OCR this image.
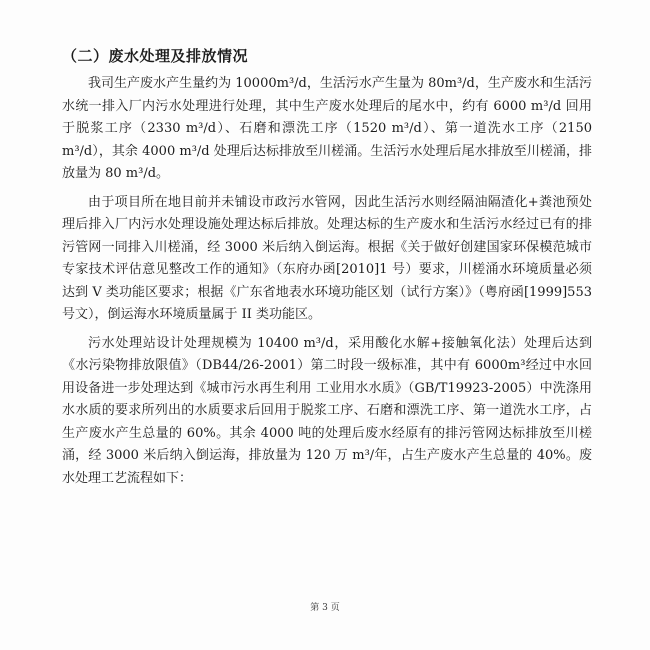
（二）废水处理及排放情况
我司生产废水产生量约为 10000m³/d，生活污水产生量为 80m³/d，生产废水和生活污水统一排入厂内污水处理进行处理，其中生产废水处理后的尾水中，约有 6000 m³/d 回用于脱浆工序（2330 m³/d）、石磨和漂洗工序（1520 m³/d）、第一道洗水工序（2150 m³/d），其余 4000 m³/d 处理后达标排放至川槎涌。生活污水处理后尾水排放至川槎涌，排放量为 80 m³/d。
由于项目所在地目前并未铺设市政污水管网，因此生活污水则经隔油隔渣化+粪池预处理后排入厂内污水处理设施处理达标后排放。处理达标的生产废水和生活污水经过已有的排污管网一同排入川槎涌，经 3000 米后纳入倒运海。根据《关于做好创建国家环保模范城市专家技术评估意见整改工作的通知》（东府办函[2010]1 号）要求，川槎涌水环境质量必须达到 V 类功能区要求；根据《广东省地表水环境功能区划（试行方案）》（粤府函[1999]553 号文），倒运海水环境质量属于 II 类功能区。
污水处理站设计处理规模为 10400 m³/d，采用酸化水解+接触氧化法）处理后达到《水污染物排放限值》（DB44/26-2001）第二时段一级标准，其中有 6000m³经过中水回用设备进一步处理达到《城市污水再生利用 工业用水水质》（GB/T19923-2005）中洗涤用水水质的要求所列出的水质要求后回用于脱浆工序、石磨和漂洗工序、第一道洗水工序，占生产废水产生总量的 60%。其余 4000 吨的处理后废水经原有的排污管网达标排放至川槎涌，经 3000 米后纳入倒运海，排放量为 120 万 m³/年，占生产废水产生总量的 40%。废水处理工艺流程如下：
第 3 页
